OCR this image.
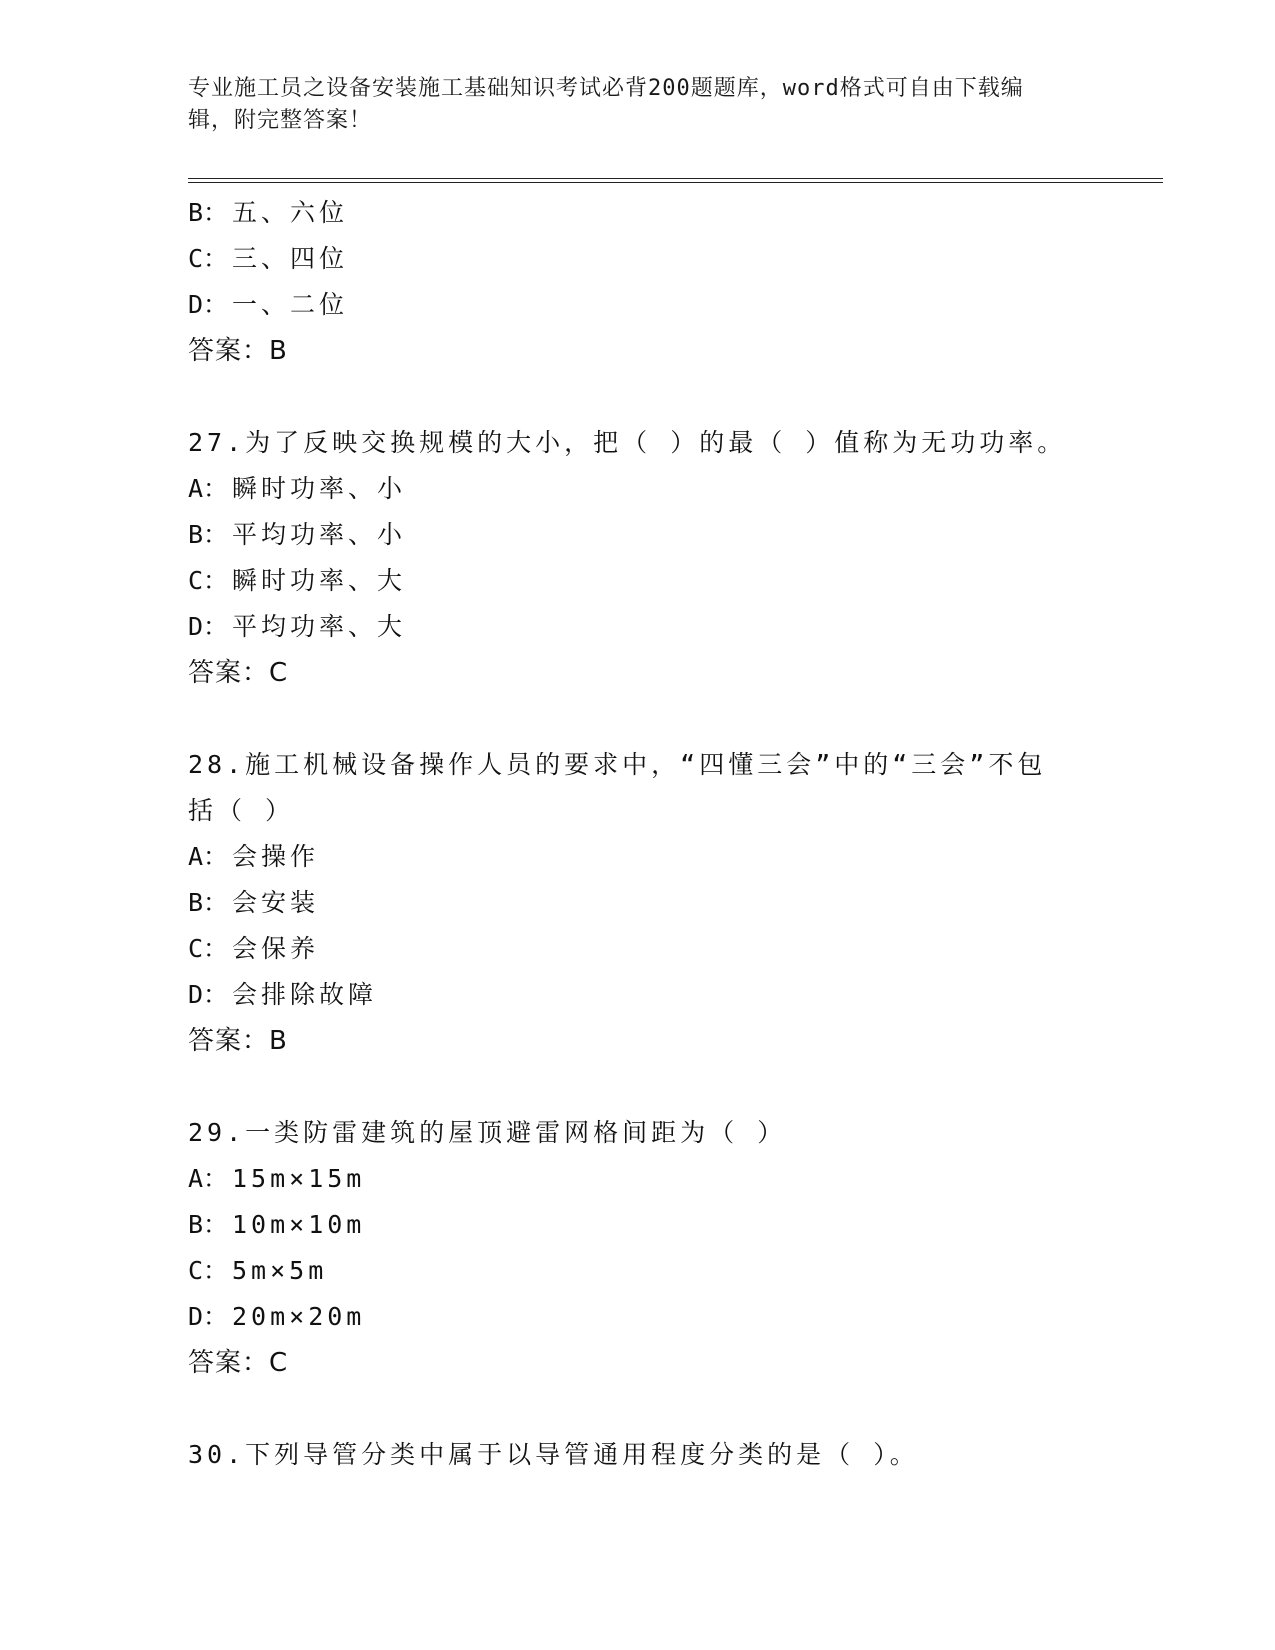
专业施工员之设备安装施工基础知识考试必背200题题库，word格式可自由下载编辑，附完整答案！
B： 五、六位
C： 三、四位
D： 一、二位
答案：B
27.为了反映交换规模的大小，把（ ）的最（ ）值称为无功功率。
A： 瞬时功率、小
B： 平均功率、小
C： 瞬时功率、大
D： 平均功率、大
答案：C
28.施工机械设备操作人员的要求中，“四懂三会”中的“三会”不包括（ ）
A： 会操作
B： 会安装
C： 会保养
D： 会排除故障
答案：B
29.一类防雷建筑的屋顶避雷网格间距为（ ）
A： 15m×15m
B： 10m×10m
C： 5m×5m
D： 20m×20m
答案：C
30.下列导管分类中属于以导管通用程度分类的是（ ）。
